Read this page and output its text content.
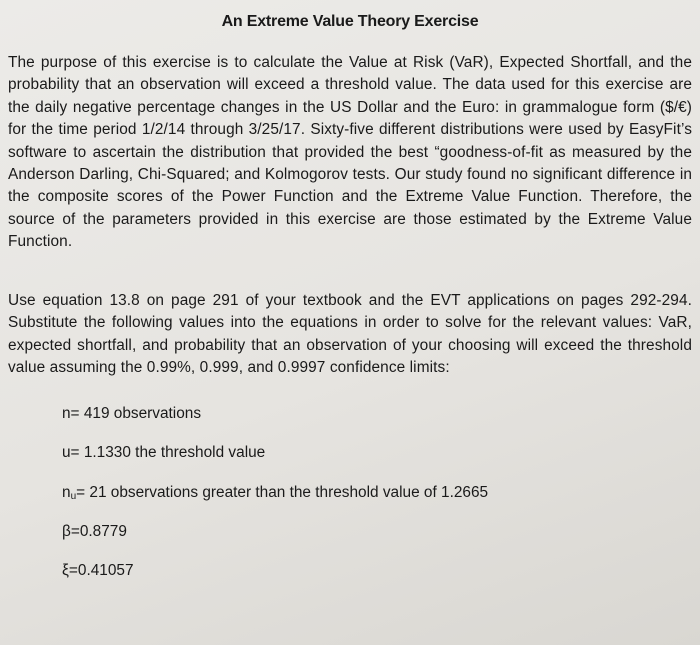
An Extreme Value Theory Exercise
The purpose of this exercise is to calculate the Value at Risk (VaR), Expected Shortfall, and the probability that an observation will exceed a threshold value. The data used for this exercise are the daily negative percentage changes in the US Dollar and the Euro: in grammalogue form ($/€) for the time period 1/2/14 through 3/25/17. Sixty-five different distributions were used by EasyFit’s software to ascertain the distribution that provided the best “goodness-of-fit as measured by the Anderson Darling, Chi-Squared; and Kolmogorov tests. Our study found no significant difference in the composite scores of the Power Function and the Extreme Value Function. Therefore, the source of the parameters provided in this exercise are those estimated by the Extreme Value Function.
Use equation 13.8 on page 291 of your textbook and the EVT applications on pages 292-294. Substitute the following values into the equations in order to solve for the relevant values: VaR, expected shortfall, and probability that an observation of your choosing will exceed the threshold value assuming the 0.99%, 0.999, and 0.9997 confidence limits:
n= 419 observations
u= 1.1330 the threshold value
$n_u= 21$ observations greater than the threshold value of 1.2665
β=0.8779
ξ=0.41057
